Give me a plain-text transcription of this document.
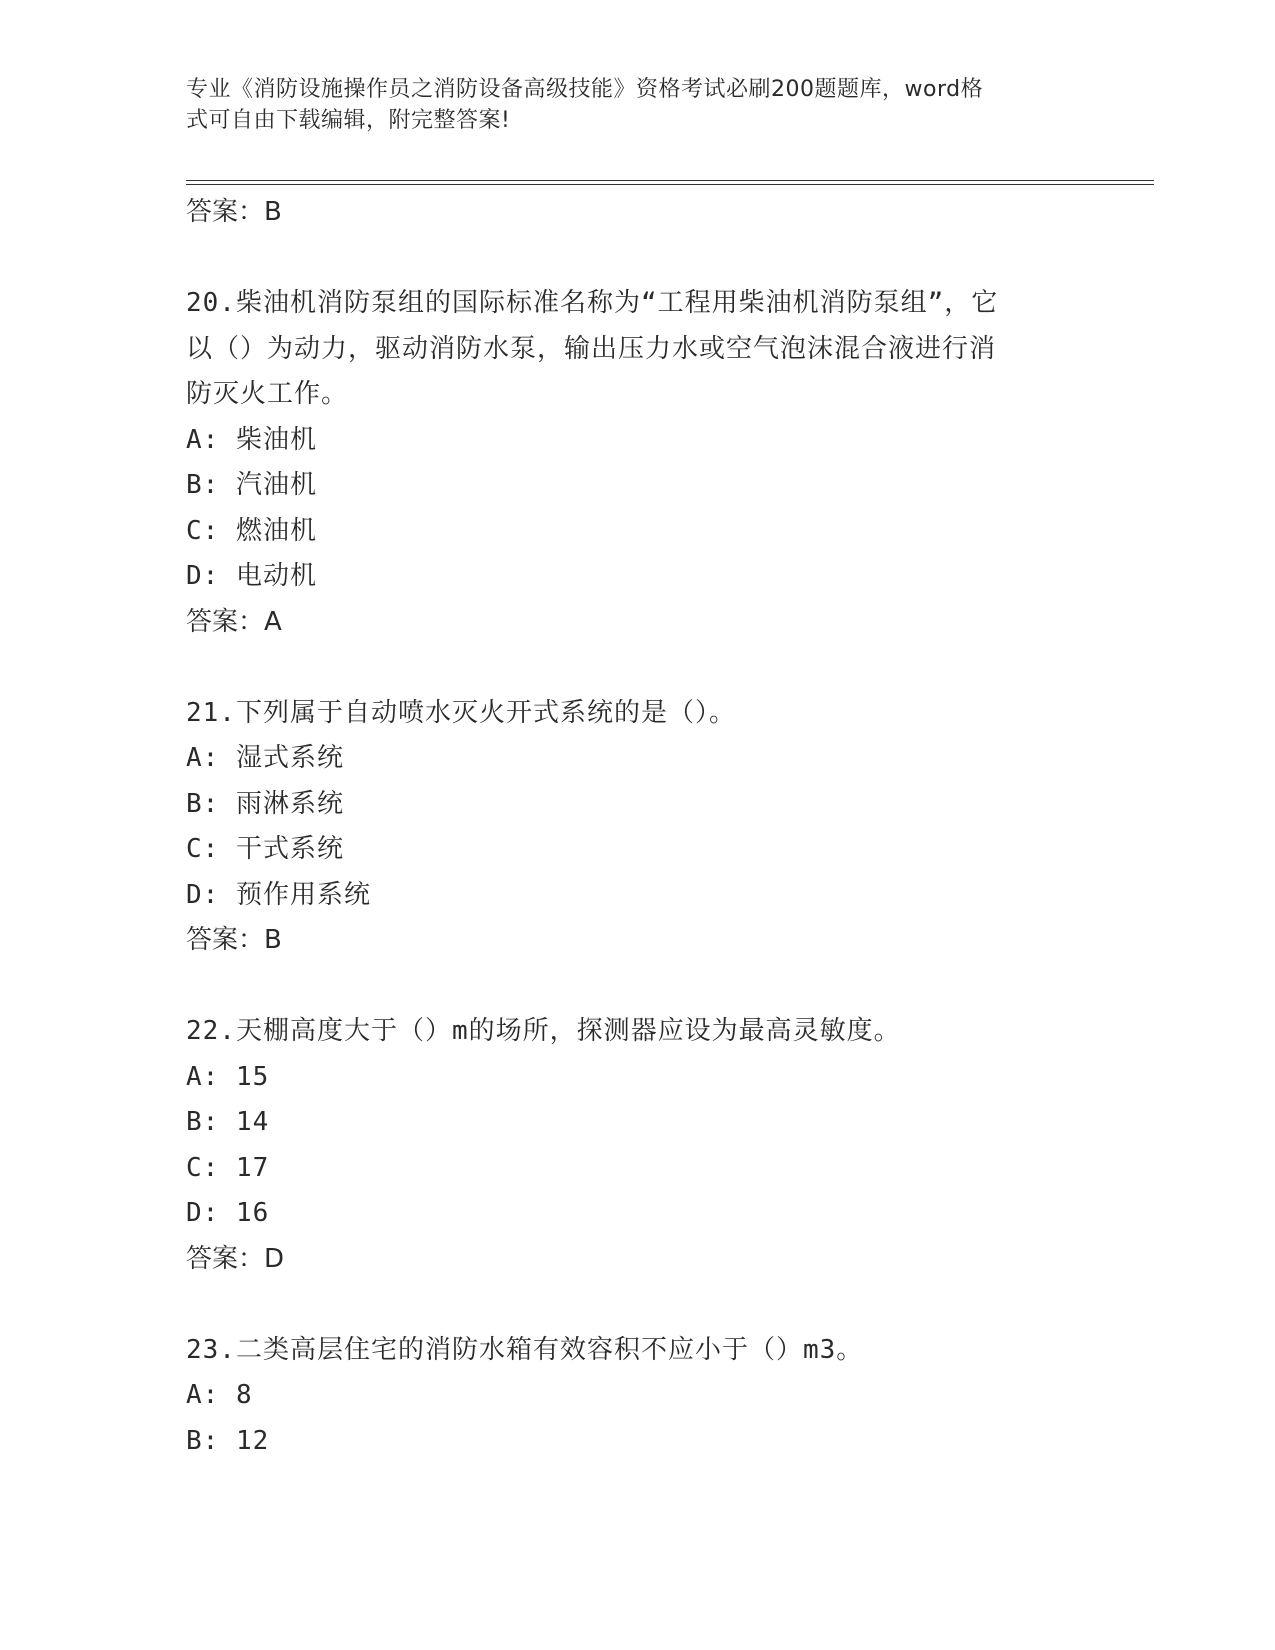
专业《消防设施操作员之消防设备高级技能》资格考试必刷200题题库，word格
式可自由下载编辑，附完整答案!
答案：B
20.柴油机消防泵组的国际标准名称为“工程用柴油机消防泵组”，它
以（）为动力，驱动消防水泵，输出压力水或空气泡沫混合液进行消
防灭火工作。
A: 柴油机
B: 汽油机
C: 燃油机
D: 电动机
答案：A
21.下列属于自动喷水灭火开式系统的是（）。
A: 湿式系统
B: 雨淋系统
C: 干式系统
D: 预作用系统
答案：B
22.天棚高度大于（）m的场所，探测器应设为最高灵敏度。
A: 15
B: 14
C: 17
D: 16
答案：D
23.二类高层住宅的消防水箱有效容积不应小于（）m3。
A: 8
B: 12
